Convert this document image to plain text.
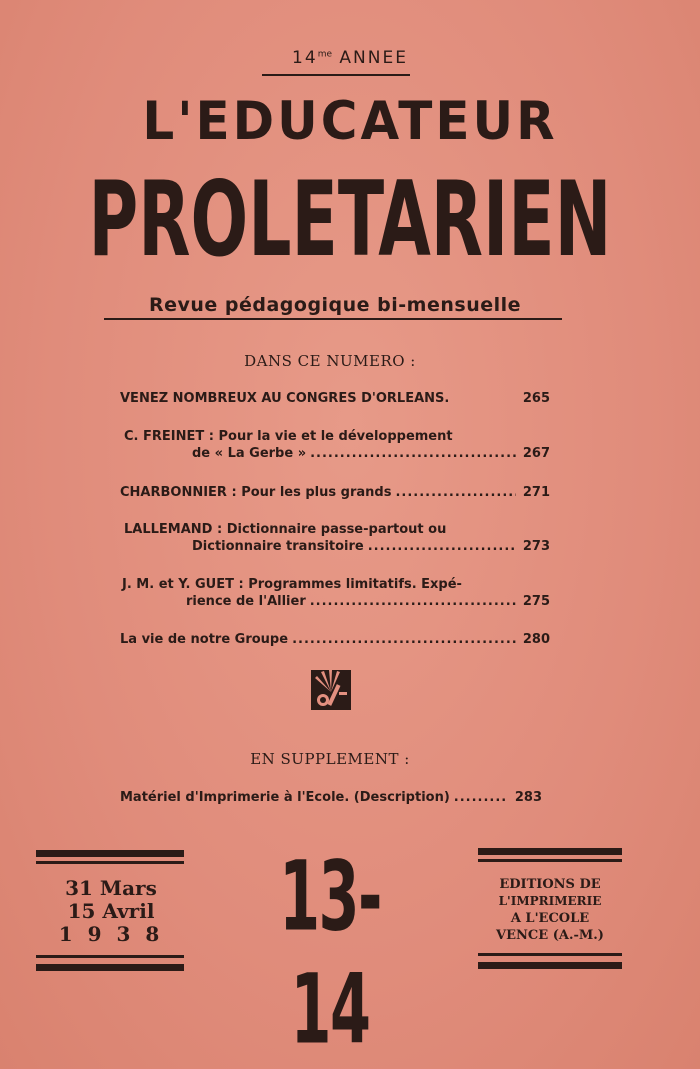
$14^{me}$ ANNEE
L'EDUCATEUR
PROLETARIEN
Revue pédagogique bi-mensuelle
DANS CE NUMERO :
VENEZ NOMBREUX AU CONGRES D'ORLEANS.	265
C. FREINET : Pour la vie et le développement
de « La Gerbe » .....	267
CHARBONNIER : Pour les plus grands .....	271
LALLEMAND : Dictionnaire passe-partout ou
Dictionnaire transitoire .....	273
J. M. et Y. GUET : Programmes limitatifs. Expé-
rience de l'Allier .....	275
La vie de notre Groupe .....	280
EN SUPPLEMENT :
Matériel d'Imprimerie à l'Ecole. (Description) .....	283
31 Mars
15 Avril
1 9 3 8 13-14
EDITIONS DE
L'IMPRIMERIE
A L'ECOLE
VENCE (A.-M.)
